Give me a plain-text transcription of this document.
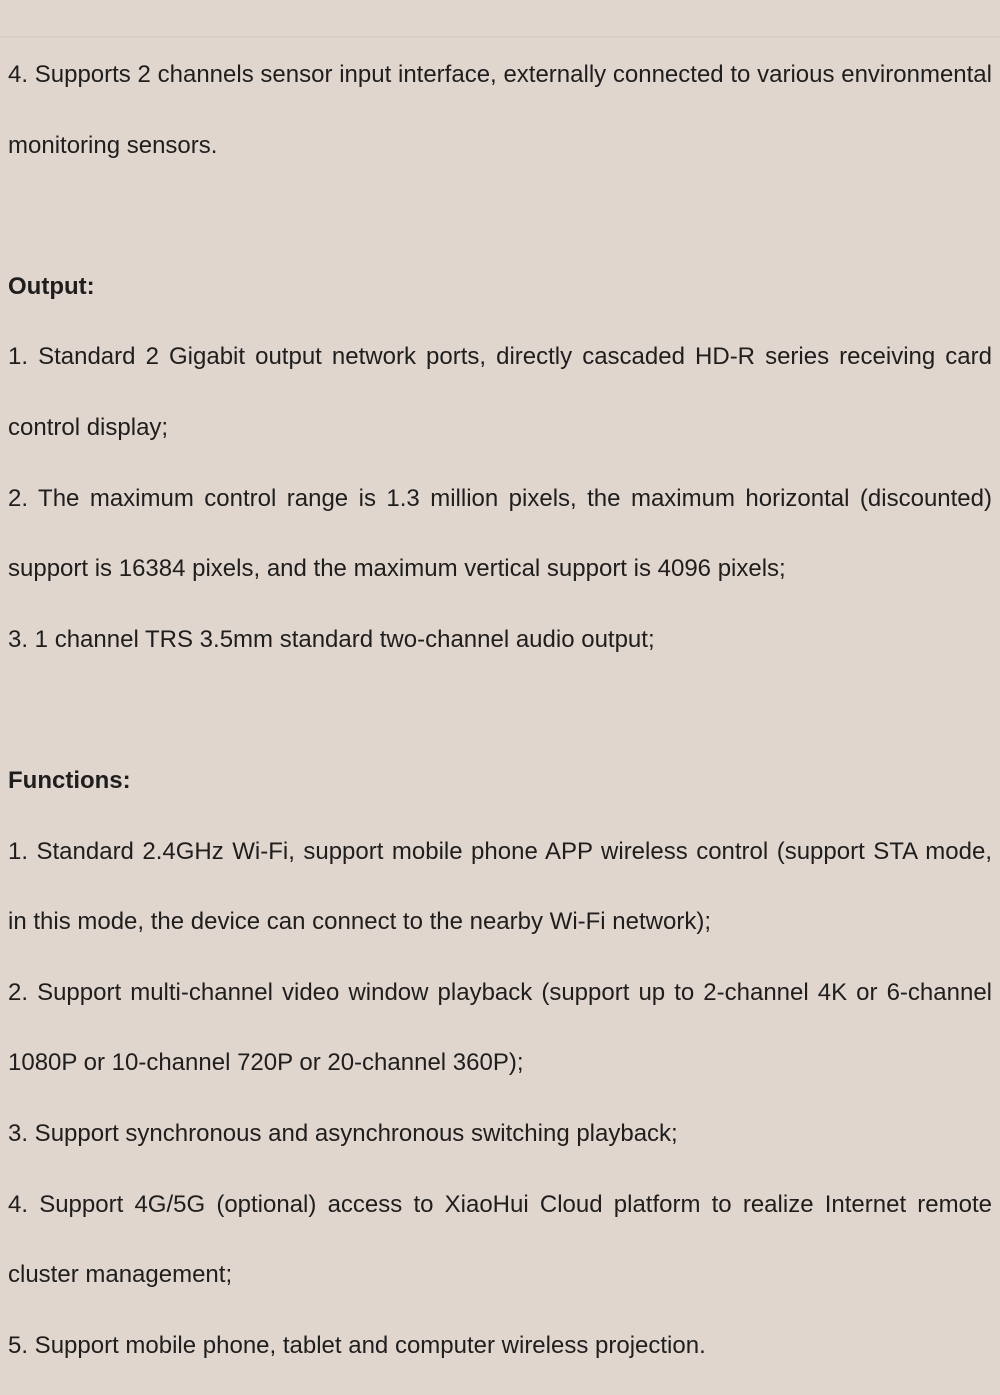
4. Supports 2 channels sensor input interface, externally connected to various environmental monitoring sensors.

Output:

1. Standard 2 Gigabit output network ports, directly cascaded HD-R series receiving card control display;

2. The maximum control range is 1.3 million pixels, the maximum horizontal (discounted) support is 16384 pixels, and the maximum vertical support is 4096 pixels;

3. 1 channel TRS 3.5mm standard two-channel audio output;

Functions:

1. Standard 2.4GHz Wi-Fi, support mobile phone APP wireless control (support STA mode, in this mode, the device can connect to the nearby Wi-Fi network);

2. Support multi-channel video window playback (support up to 2-channel 4K or 6-channel 1080P or 10-channel 720P or 20-channel 360P);

3. Support synchronous and asynchronous switching playback;

4. Support 4G/5G (optional) access to XiaoHui Cloud platform to realize Internet remote cluster management;

5. Support mobile phone, tablet and computer wireless projection.
